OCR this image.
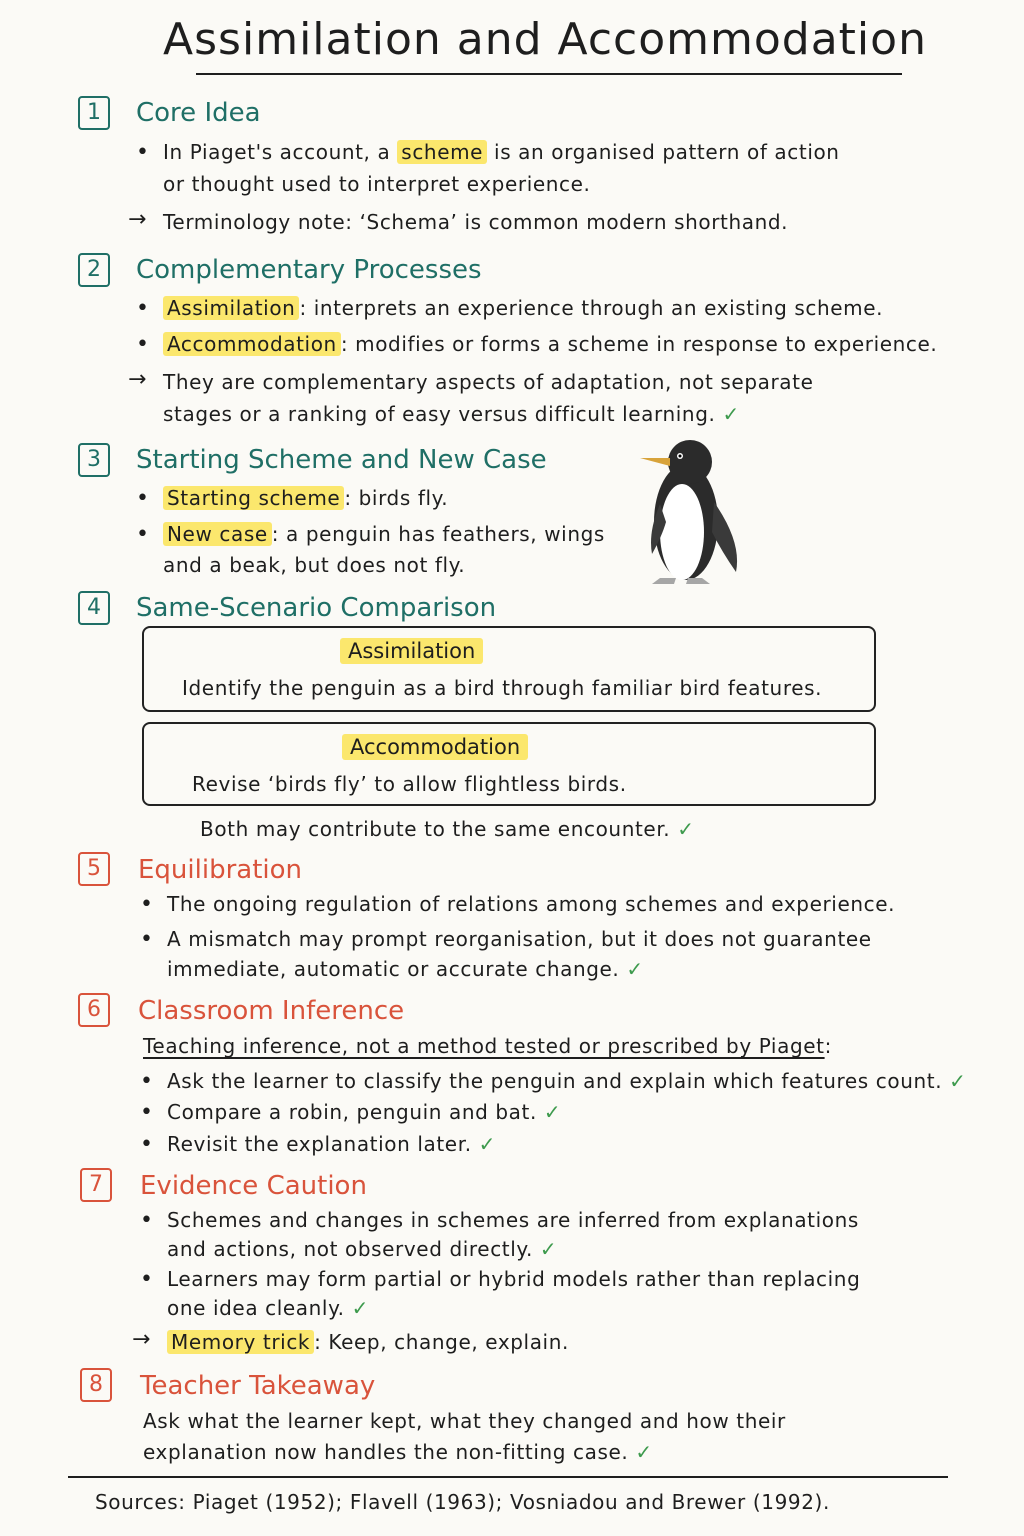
Assimilation and Accommodation
1	Core Idea
• In Piaget's account, a scheme is an organised pattern of action
or thought used to interpret experience.
→ Terminology note: ‘Schema’ is common modern shorthand.
2	Complementary Processes
• Assimilation : interprets an experience through an existing scheme.
• Accommodation : modifies or forms a scheme in response to experience.
→ They are complementary aspects of adaptation, not separate
stages or a ranking of easy versus difficult learning. ✓
3	Starting Scheme and New Case
• Starting scheme : birds fly.
• New case : a penguin has feathers, wings
and a beak, but does not fly.
4	Same-Scenario Comparison
Assimilation
Identify the penguin as a bird through familiar bird features.
Accommodation
Revise ‘birds fly’ to allow flightless birds.
Both may contribute to the same encounter. ✓
5	Equilibration
• The ongoing regulation of relations among schemes and experience.
• A mismatch may prompt reorganisation, but it does not guarantee
immediate, automatic or accurate change. ✓
6	Classroom Inference
Teaching inference, not a method tested or prescribed by Piaget:
• Ask the learner to classify the penguin and explain which features count. ✓
• Compare a robin, penguin and bat. ✓
• Revisit the explanation later. ✓
7	Evidence Caution
• Schemes and changes in schemes are inferred from explanations
and actions, not observed directly. ✓
• Learners may form partial or hybrid models rather than replacing
one idea cleanly. ✓
→ Memory trick : Keep, change, explain.
8	Teacher Takeaway
Ask what the learner kept, what they changed and how their
explanation now handles the non-fitting case. ✓
Sources: Piaget (1952); Flavell (1963); Vosniadou and Brewer (1992).
